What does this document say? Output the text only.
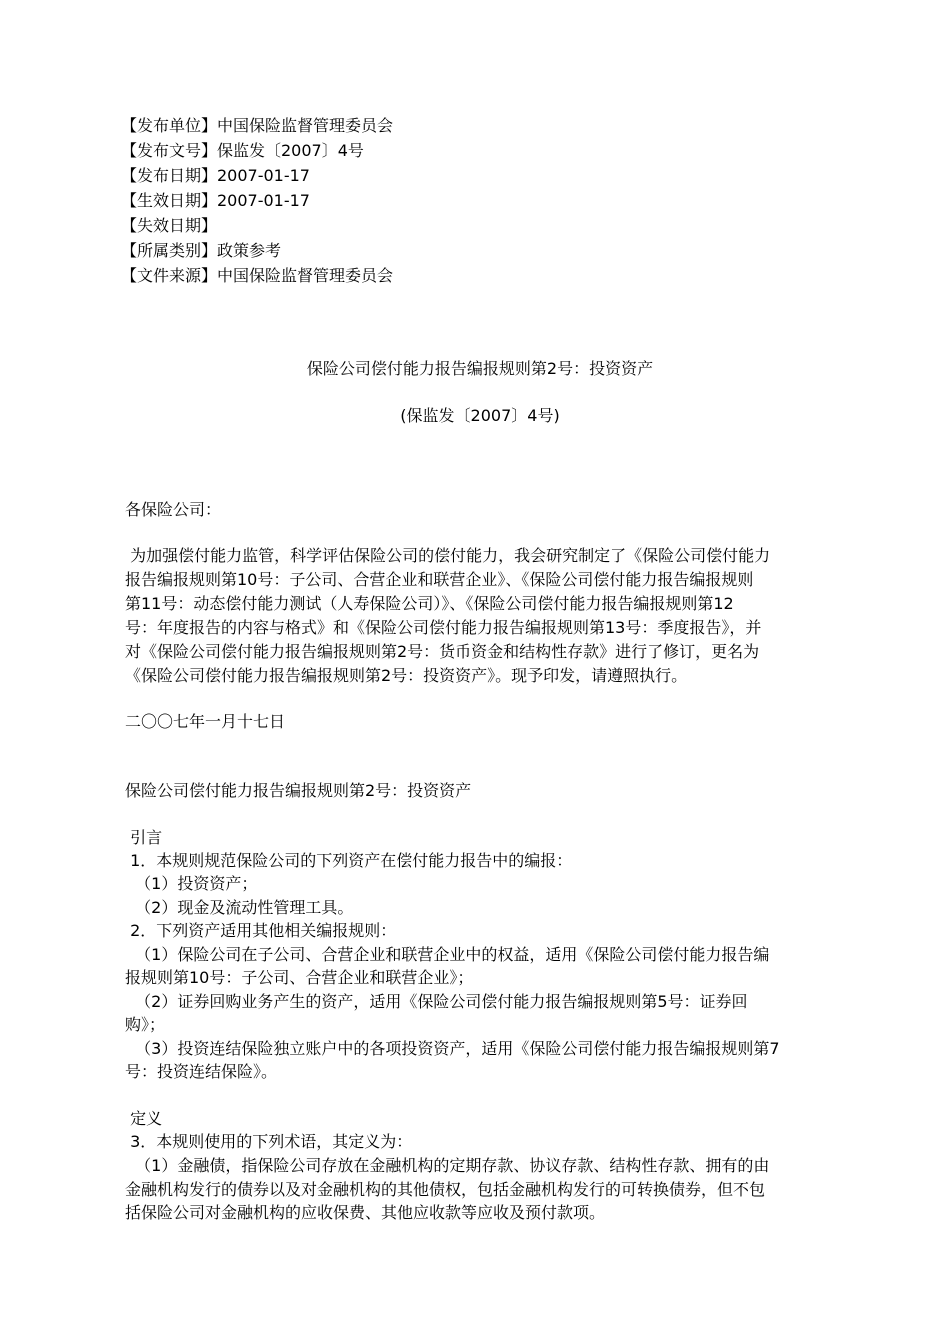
【发布单位】中国保险监督管理委员会
【发布文号】保监发〔2007〕4号
【发布日期】2007-01-17
【生效日期】2007-01-17
【失效日期】
【所属类别】政策参考
【文件来源】中国保险监督管理委员会
保险公司偿付能力报告编报规则第2号：投资资产
(保监发〔2007〕4号)
各保险公司：
为加强偿付能力监管，科学评估保险公司的偿付能力，我会研究制定了《保险公司偿付能力
报告编报规则第10号：子公司、合营企业和联营企业》、《保险公司偿付能力报告编报规则
第11号：动态偿付能力测试（人寿保险公司）》、《保险公司偿付能力报告编报规则第12
号：年度报告的内容与格式》和《保险公司偿付能力报告编报规则第13号：季度报告》，并
对《保险公司偿付能力报告编报规则第2号：货币资金和结构性存款》进行了修订，更名为
《保险公司偿付能力报告编报规则第2号：投资资产》。现予印发，请遵照执行。
二〇〇七年一月十七日
保险公司偿付能力报告编报规则第2号：投资资产
引言
1．本规则规范保险公司的下列资产在偿付能力报告中的编报：
（1）投资资产；
（2）现金及流动性管理工具。
2．下列资产适用其他相关编报规则：
（1）保险公司在子公司、合营企业和联营企业中的权益，适用《保险公司偿付能力报告编
报规则第10号：子公司、合营企业和联营企业》；
（2）证券回购业务产生的资产，适用《保险公司偿付能力报告编报规则第5号：证券回
购》；
（3）投资连结保险独立账户中的各项投资资产，适用《保险公司偿付能力报告编报规则第7
号：投资连结保险》。
定义
3．本规则使用的下列术语，其定义为：
（1）金融债，指保险公司存放在金融机构的定期存款、协议存款、结构性存款、拥有的由
金融机构发行的债券以及对金融机构的其他债权，包括金融机构发行的可转换债券，但不包
括保险公司对金融机构的应收保费、其他应收款等应收及预付款项。
